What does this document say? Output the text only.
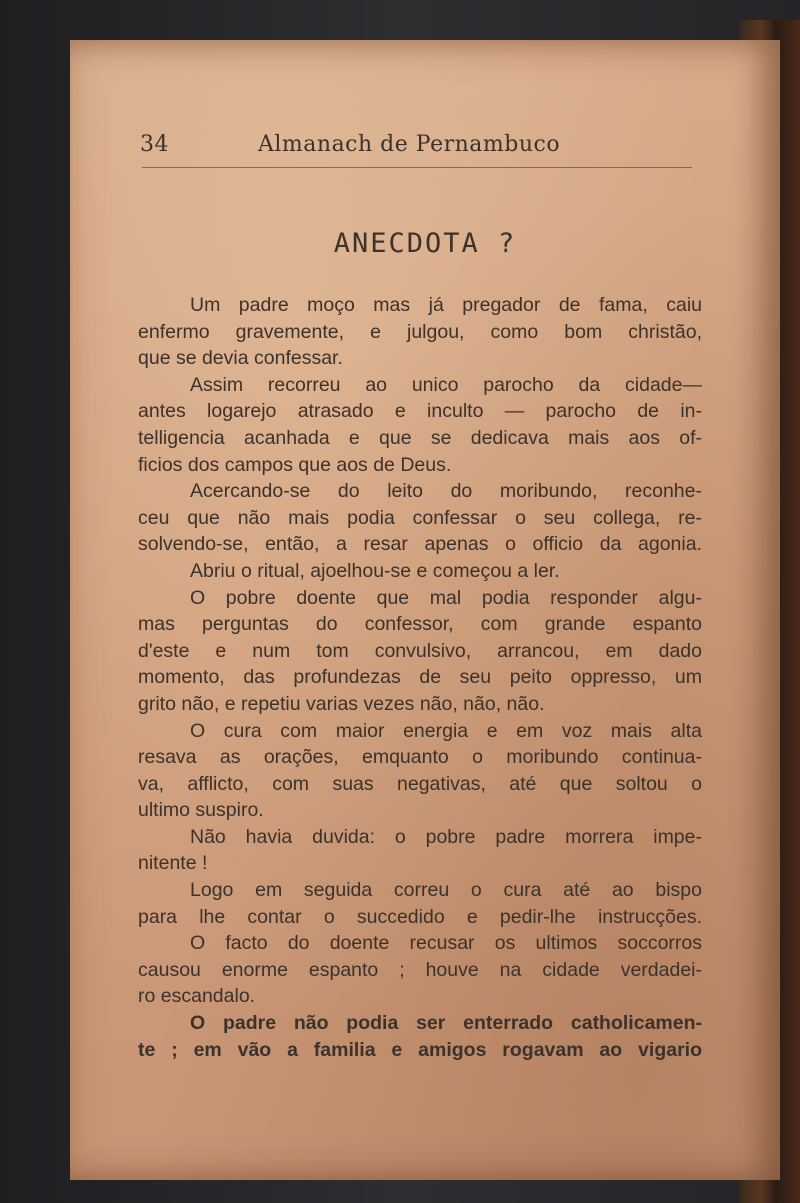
34	Almanach de Pernambuco
ANECDOTA ?
Um padre moço mas já pregador de fama, caiu
enfermo gravemente, e julgou, como bom christão,
que se devia confessar.
Assim recorreu ao unico parocho da cidade—
antes logarejo atrasado e inculto — parocho de in-
telligencia acanhada e que se dedicava mais aos of-
ficios dos campos que aos de Deus.
Acercando-se do leito do moribundo, reconhe-
ceu que não mais podia confessar o seu collega, re-
solvendo-se, então, a resar apenas o officio da agonia.
Abriu o ritual, ajoelhou-se e começou a ler.
O pobre doente que mal podia responder algu-
mas perguntas do confessor, com grande espanto
d'este e num tom convulsivo, arrancou, em dado
momento, das profundezas de seu peito oppresso, um
grito não, e repetiu varias vezes não, não, não.
O cura com maior energia e em voz mais alta
resava as orações, emquanto o moribundo continua-
va, afflicto, com suas negativas, até que soltou o
ultimo suspiro.
Não havia duvida: o pobre padre morrera impe-
nitente !
Logo em seguida correu o cura até ao bispo
para lhe contar o succedido e pedir-lhe instrucções.
O facto do doente recusar os ultimos soccorros
causou enorme espanto ; houve na cidade verdadei-
ro escandalo.
O padre não podia ser enterrado catholicamen-
te ; em vão a familia e amigos rogavam ao vigario
